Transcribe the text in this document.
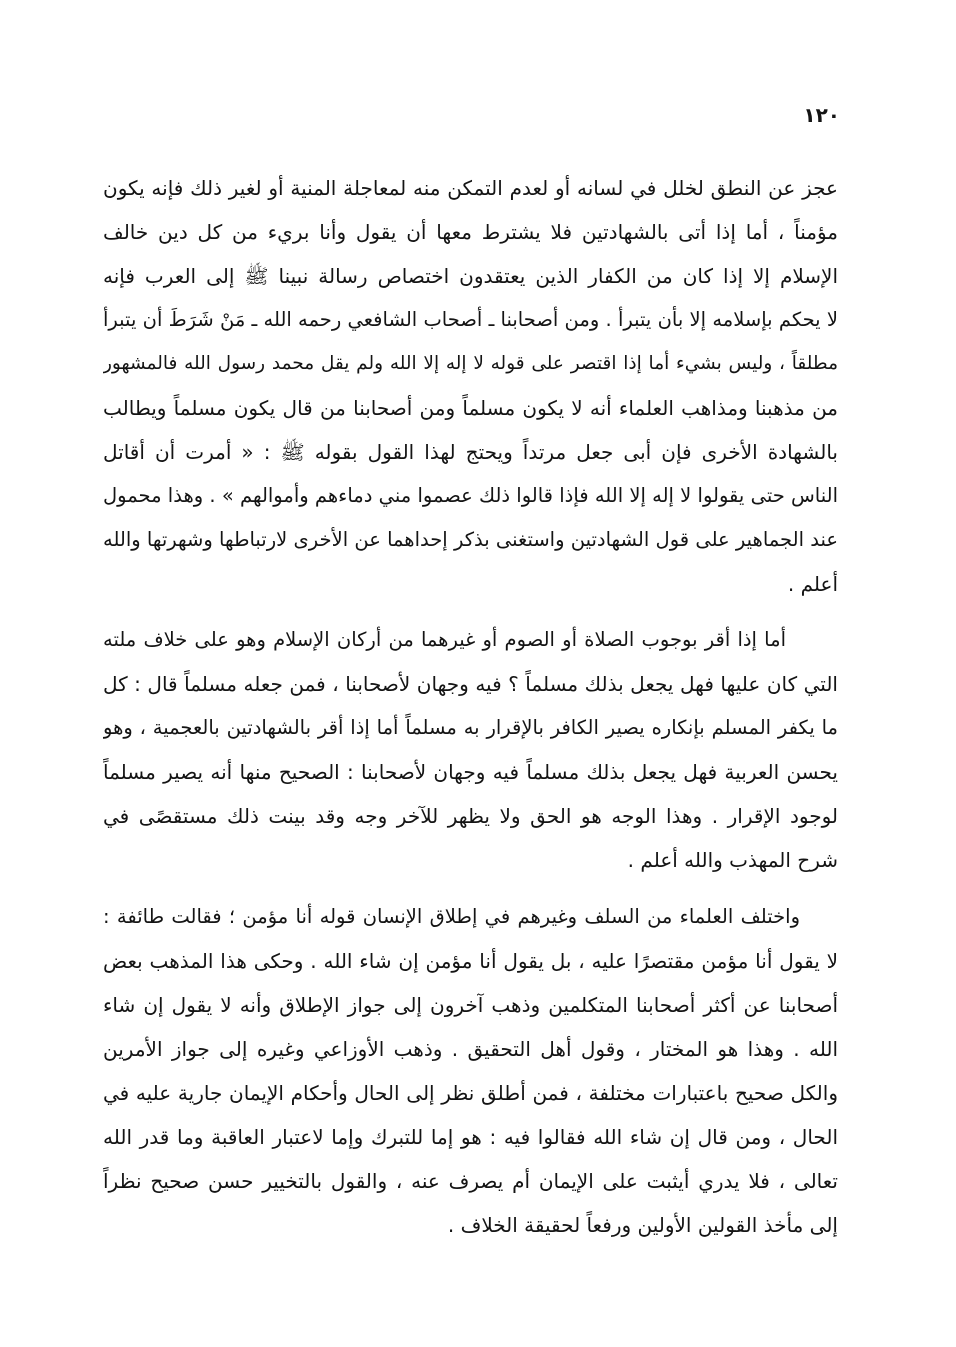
١٢٠
عجز عن النطق لخلل في لسانه أو لعدم التمكن منه لمعاجلة المنية أو لغير ذلك فإنه يكون
مؤمناً ، أما إذا أتى بالشهادتين فلا يشترط معها أن يقول وأنا بريء من كل دين خالف
الإسلام إلا إذا كان من الكفار الذين يعتقدون اختصاص رسالة نبينا ﷺ إلى العرب فإنه
لا يحكم بإسلامه إلا بأن يتبرأ . ومن أصحابنا ـ أصحاب الشافعي رحمه الله ـ مَنْ شَرَطَ أن يتبرأ
مطلقاً ، وليس بشيء أما إذا اقتصر على قوله لا إله إلا الله ولم يقل محمد رسول الله فالمشهور
من مذهبنا ومذاهب العلماء أنه لا يكون مسلماً ومن أصحابنا من قال يكون مسلماً ويطالب
بالشهادة الأخرى فإن أبى جعل مرتداً ويحتج لهذا القول بقوله ﷺ : « أمرت أن أقاتل
الناس حتى يقولوا لا إله إلا الله فإذا قالوا ذلك عصموا مني دماءهم وأموالهم » . وهذا محمول
عند الجماهير على قول الشهادتين واستغنى بذكر إحداهما عن الأخرى لارتباطها وشهرتها والله
أعلم .
أما إذا أقر بوجوب الصلاة أو الصوم أو غيرهما من أركان الإسلام وهو على خلاف ملته
التي كان عليها فهل يجعل بذلك مسلماً ؟ فيه وجهان لأصحابنا ، فمن جعله مسلماً قال : كل
ما يكفر المسلم بإنكاره يصير الكافر بالإقرار به مسلماً أما إذا أقر بالشهادتين بالعجمية ، وهو
يحسن العربية فهل يجعل بذلك مسلماً فيه وجهان لأصحابنا : الصحيح منها أنه يصير مسلماً
لوجود الإقرار . وهذا الوجه هو الحق ولا يظهر للآخر وجه وقد بينت ذلك مستقصًى في
شرح المهذب والله أعلم .
واختلف العلماء من السلف وغيرهم في إطلاق الإنسان قوله أنا مؤمن ؛ فقالت طائفة :
لا يقول أنا مؤمن مقتصرًا عليه ، بل يقول أنا مؤمن إن شاء الله . وحكى هذا المذهب بعض
أصحابنا عن أكثر أصحابنا المتكلمين وذهب آخرون إلى جواز الإطلاق وأنه لا يقول إن شاء
الله . وهذا هو المختار ، وقول أهل التحقيق . وذهب الأوزاعي وغيره إلى جواز الأمرين
والكل صحيح باعتبارات مختلفة ، فمن أطلق نظر إلى الحال وأحكام الإيمان جارية عليه في
الحال ، ومن قال إن شاء الله فقالوا فيه : هو إما للتبرك وإما لاعتبار العاقبة وما قدر الله
تعالى ، فلا يدري أيثبت على الإيمان أم يصرف عنه ، والقول بالتخيير حسن صحيح نظراً
إلى مأخذ القولين الأولين ورفعاً لحقيقة الخلاف .
